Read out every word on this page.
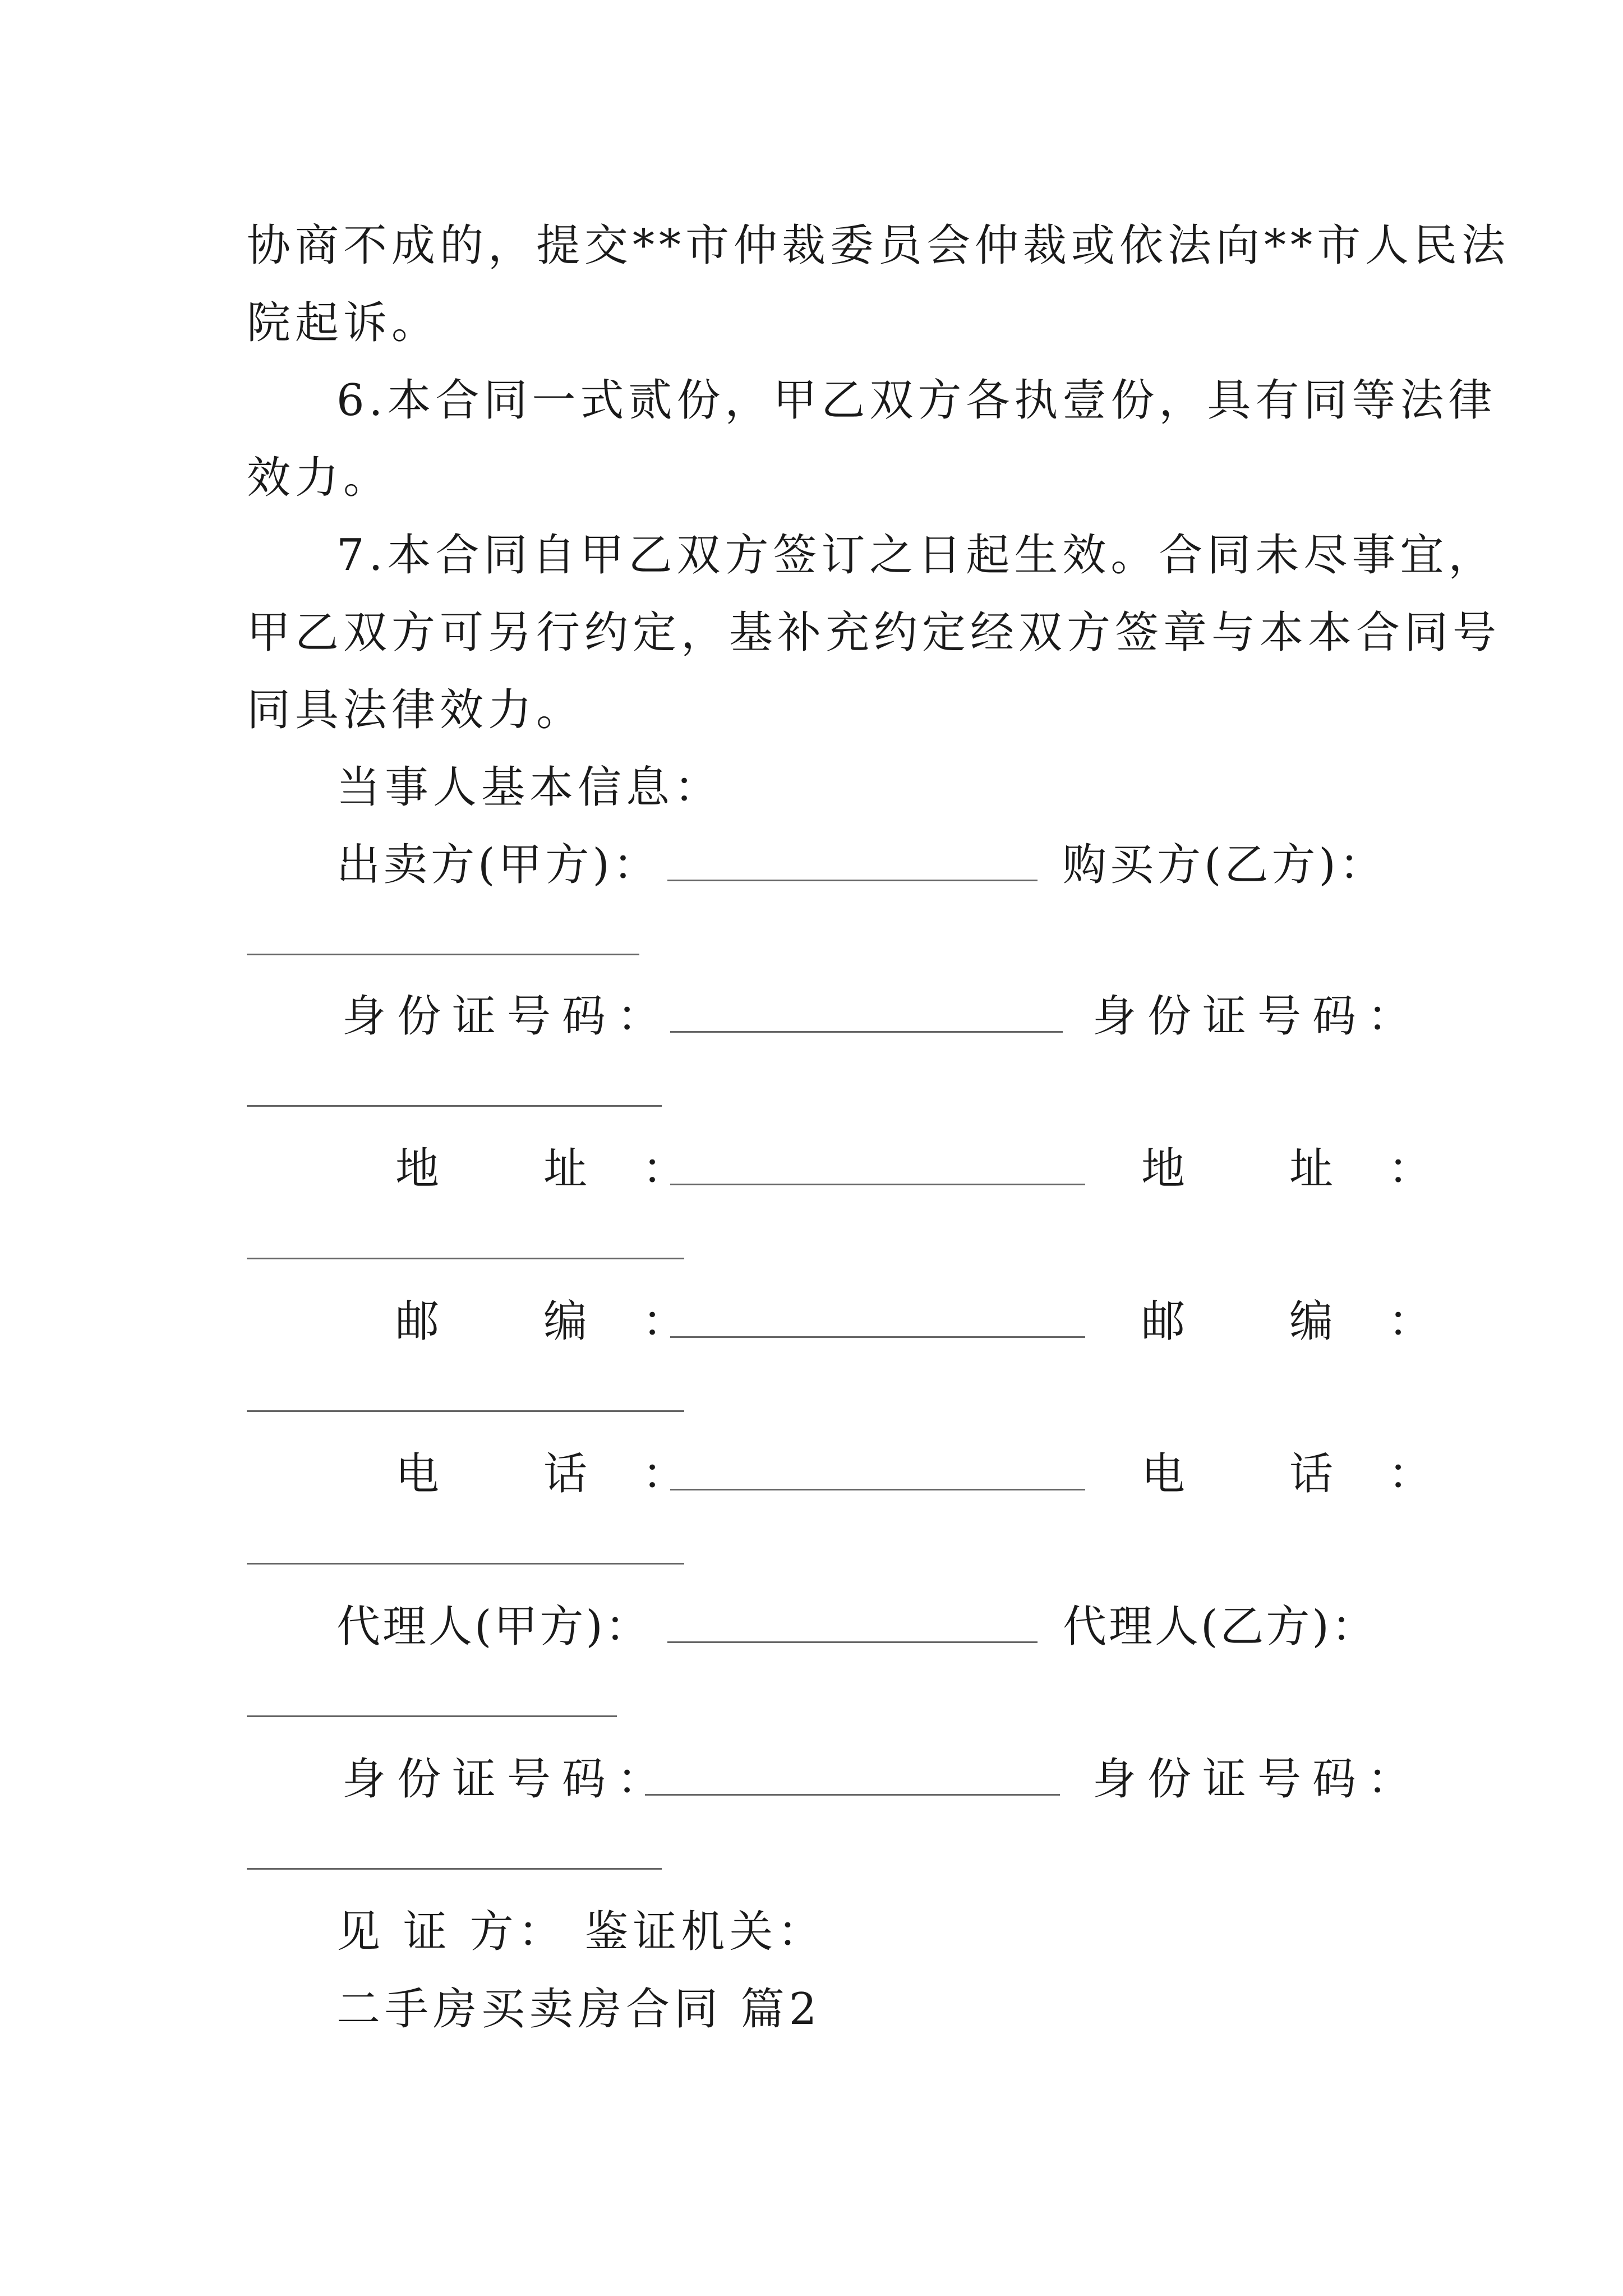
协商不成的，提交**市仲裁委员会仲裁或依法向**市人民法
院起诉。
6.本合同一式贰份，甲乙双方各执壹份，具有同等法律
效力。
7.本合同自甲乙双方签订之日起生效。合同未尽事宜，
甲乙双方可另行约定，基补充约定经双方签章与本本合同号
同具法律效力。
当事人基本信息：
出卖方(甲方)：	购买方(乙方)：
身份证号码：	身份证号码：
地　　址　：	地　　址　：
邮　　编　：	邮　　编　：
电　　话　：	电　　话　：
代理人(甲方)：	代理人(乙方)：
身份证号码：	身份证号码：
见 证 方： 鉴证机关：
二手房买卖房合同 篇2
